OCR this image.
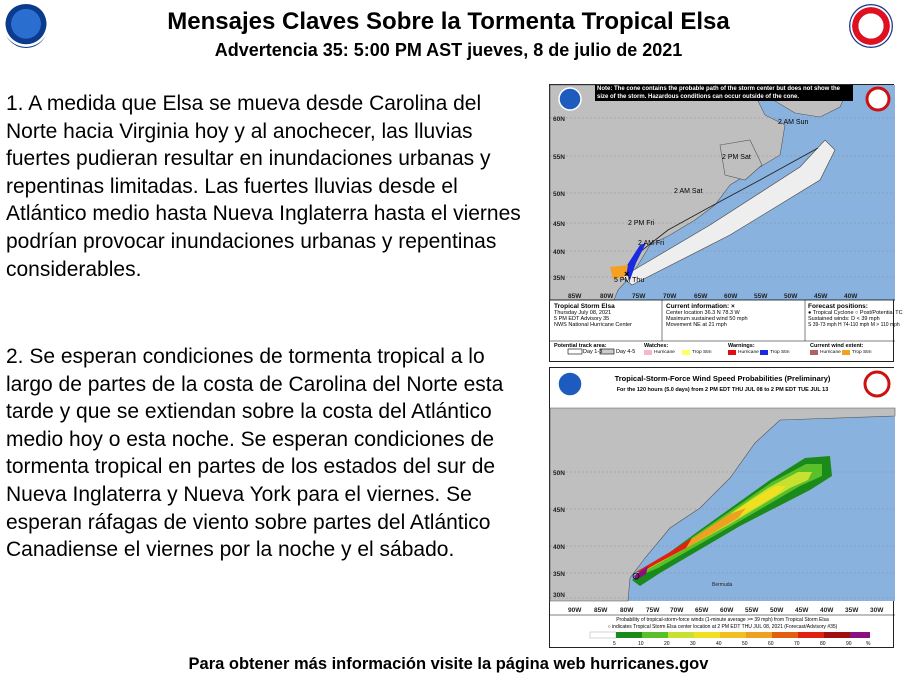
Mensajes Claves Sobre la Tormenta Tropical Elsa
Advertencia 35: 5:00 PM AST jueves, 8 de julio de 2021
1. A medida que Elsa se mueva desde Carolina del Norte hacia Virginia hoy y al anochecer, las lluvias fuertes pudieran resultar en inundaciones urbanas y repentinas limitadas. Las fuertes lluvias desde el Atlántico medio hasta Nueva Inglaterra hasta el viernes podrían provocar inundaciones urbanas y repentinas considerables.
2. Se esperan condiciones de tormenta tropical a lo largo de partes de la costa de Carolina del Norte esta tarde y que se extiendan sobre la costa del Atlántico medio hoy o esta noche. Se esperan condiciones de tormenta tropical en partes de los estados del sur de Nueva Inglaterra y Nueva York para el viernes. Se esperan ráfagas de viento sobre partes del Atlántico Canadiense el viernes por la noche y el sábado.
Para obtener más información visite la página web hurricanes.gov
×
2 AM Sun
2 PM Sat
2 AM Sat
2 PM Fri
2 AM Fri
5 PM Thu
60N
55N
50N
45N
40N
35N
85W	80W	75W	70W	65W	60W	55W	50W	45W	40W
Note: The cone contains the probable path of the storm center but does not show the size of the storm. Hazardous conditions can occur outside of the cone.
Tropical Storm Elsa
Thursday July 08, 2021
5 PM EDT Advisory 35
NWS National Hurricane Center
Current information: ×
Center location 36.3 N 78.3 W
Maximum sustained wind 50 mph
Movement NE at 21 mph
Forecast positions:
● Tropical Cyclone ○ Post/Potential TC
Sustained winds: D < 39 mph
S 39-73 mph H 74-110 mph M > 110 mph
Potential track area:
Day 1-3 Day 4-5
Watches:
Hurricane	Trop Stm
Warnings:
Hurricane Trop Stm
Current wind extent:
Hurricane Trop Stm
Bermuda
50N
45N
40N
35N
30N
90W 85W 80W 75W 70W 65W 60W 55W 50W 45W 40W 35W 30W
5	10	20	30	40	50	60	70	80	90	%
Tropical-Storm-Force Wind Speed Probabilities (Preliminary)
For the 120 hours (5.0 days) from 2 PM EDT THU JUL 08 to 2 PM EDT TUE JUL 13
Probability of tropical-storm-force winds (1-minute average >= 39 mph) from Tropical Storm Elsa
○ indicates Tropical Storm Elsa center location at 2 PM EDT THU JUL 08, 2021 (Forecast/Advisory #35)
